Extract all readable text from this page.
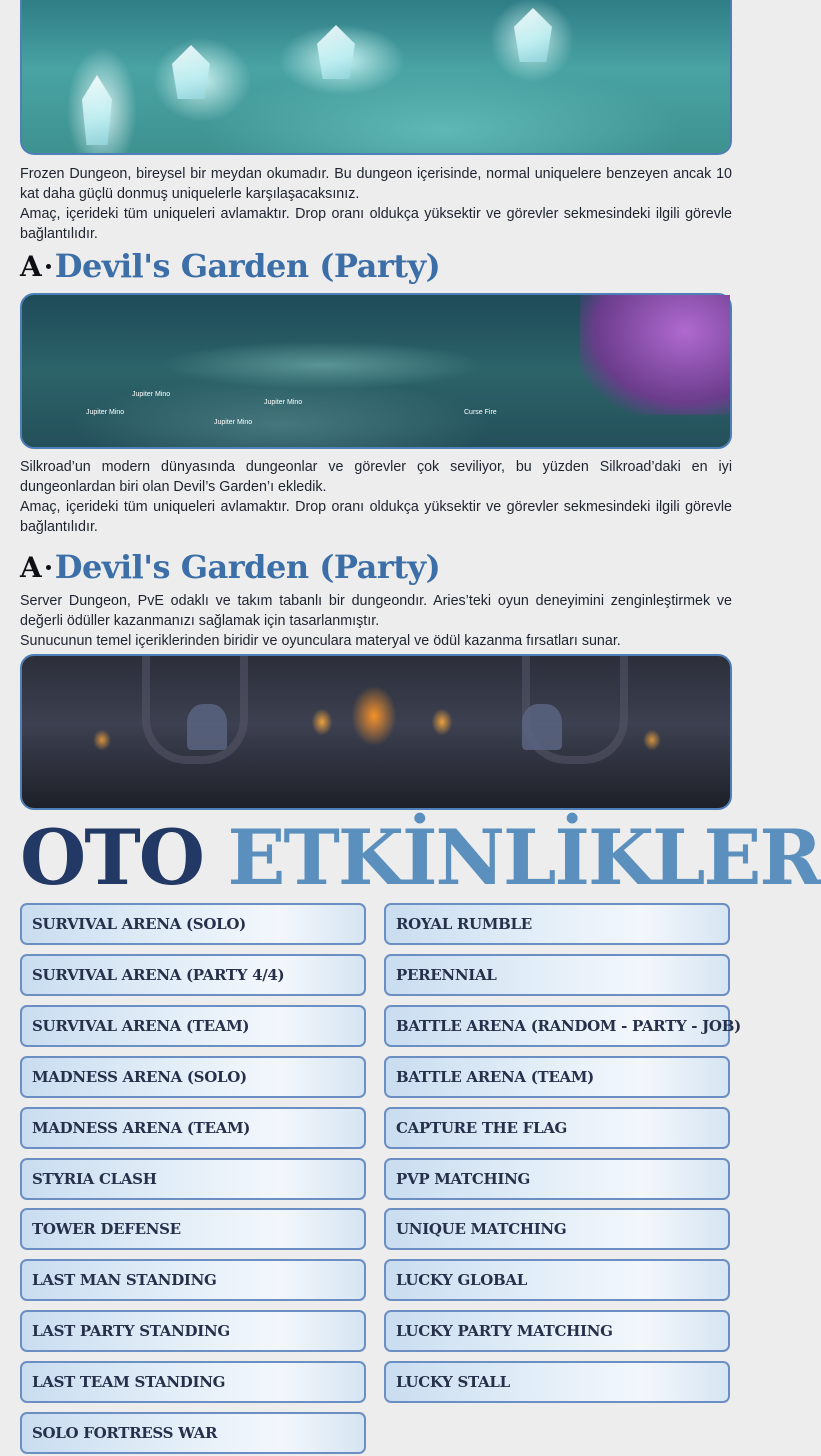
Frozen Dungeon, bireysel bir meydan okumadır. Bu dungeon içerisinde, normal uniquelere benzeyen ancak 10 kat daha güçlü donmuş uniquelerle karşılaşacaksınız.

Amaç, içerideki tüm uniqueleri avlamaktır. Drop oranı oldukça yüksektir ve görevler sekmesindeki ilgili görevle bağlantılıdır.

A Devil's Garden (Party)
Jupiter Mino
Jupiter Mino
Jupiter Mino
Jupiter Mino
Curse Fire

Silkroad’un modern dünyasında dungeonlar ve görevler çok seviliyor, bu yüzden Silkroad’daki en iyi dungeonlardan biri olan Devil’s Garden’ı ekledik.

Amaç, içerideki tüm uniqueleri avlamaktır. Drop oranı oldukça yüksektir ve görevler sekmesindeki ilgili görevle bağlantılıdır.

A Devil's Garden (Party)

Server Dungeon, PvE odaklı ve takım tabanlı bir dungeondır. Aries’teki oyun deneyimini zenginleştirmek ve değerli ödüller kazanmanızı sağlamak için tasarlanmıştır.

Sunucunun temel içeriklerinden biridir ve oyunculara materyal ve ödül kazanma fırsatları sunar.

OTO ETKİNLİKLER
SURVIVAL ARENA (SOLO)
SURVIVAL ARENA (PARTY 4/4)
SURVIVAL ARENA (TEAM)
MADNESS ARENA (SOLO)
MADNESS ARENA (TEAM)
STYRIA CLASH
TOWER DEFENSE
LAST MAN STANDING
LAST PARTY STANDING
LAST TEAM STANDING
SOLO FORTRESS WAR
ROYAL RUMBLE
PERENNIAL
BATTLE ARENA (RANDOM - PARTY - JOB)
BATTLE ARENA (TEAM)
CAPTURE THE FLAG
PVP MATCHING
UNIQUE MATCHING
LUCKY GLOBAL
LUCKY PARTY MATCHING
LUCKY STALL
